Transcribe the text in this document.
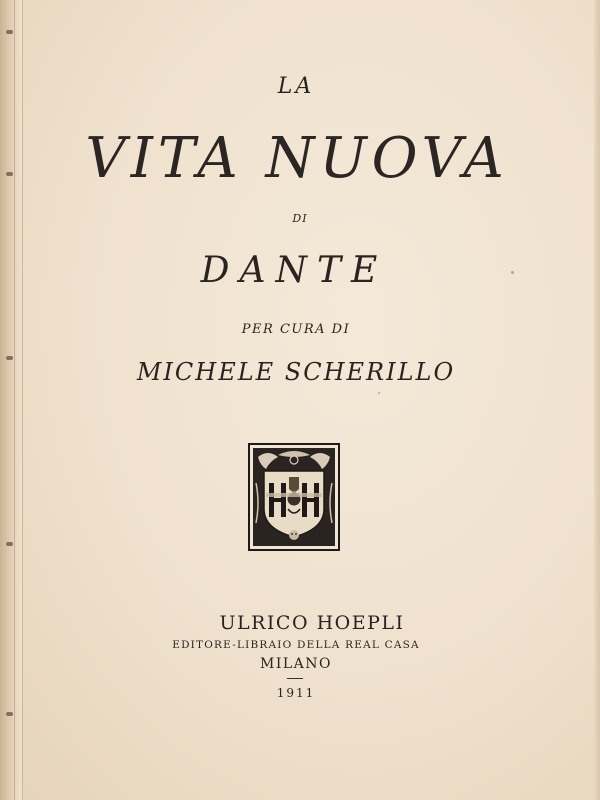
LA
VITA NUOVA
DI
DANTE
PER CURA DI
MICHELE SCHERILLO
ULRICO HOEPLI
EDITORE-LIBRAIO DELLA REAL CASA
MILANO
1911
